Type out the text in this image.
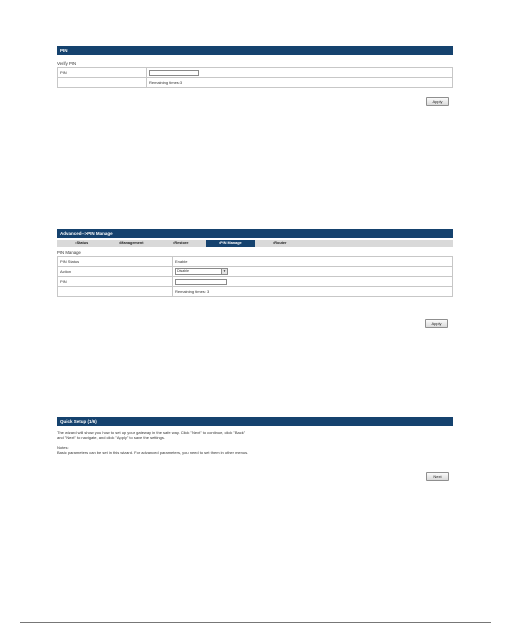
PIN
Verify PIN
PIN	
	Remaining times:3
Apply
Advanced-->PIN Manage
•Status	•Management	•Restore	•PIN Manage	•Router
PIN Manage
PIN Status	Enable
Action	Disable ▼

PIN	
	Remaining times: 3
Apply
Quick Setup (1/6)
The wizard will show you how to set up your gateway in the safe way. Click "Next" to continue, click "Back"
and "Next" to navigate, and click "Apply" to save the settings.
Notes:
Basic parameters can be set in this wizard. For advanced parameters, you need to set them in other menus.
Next
